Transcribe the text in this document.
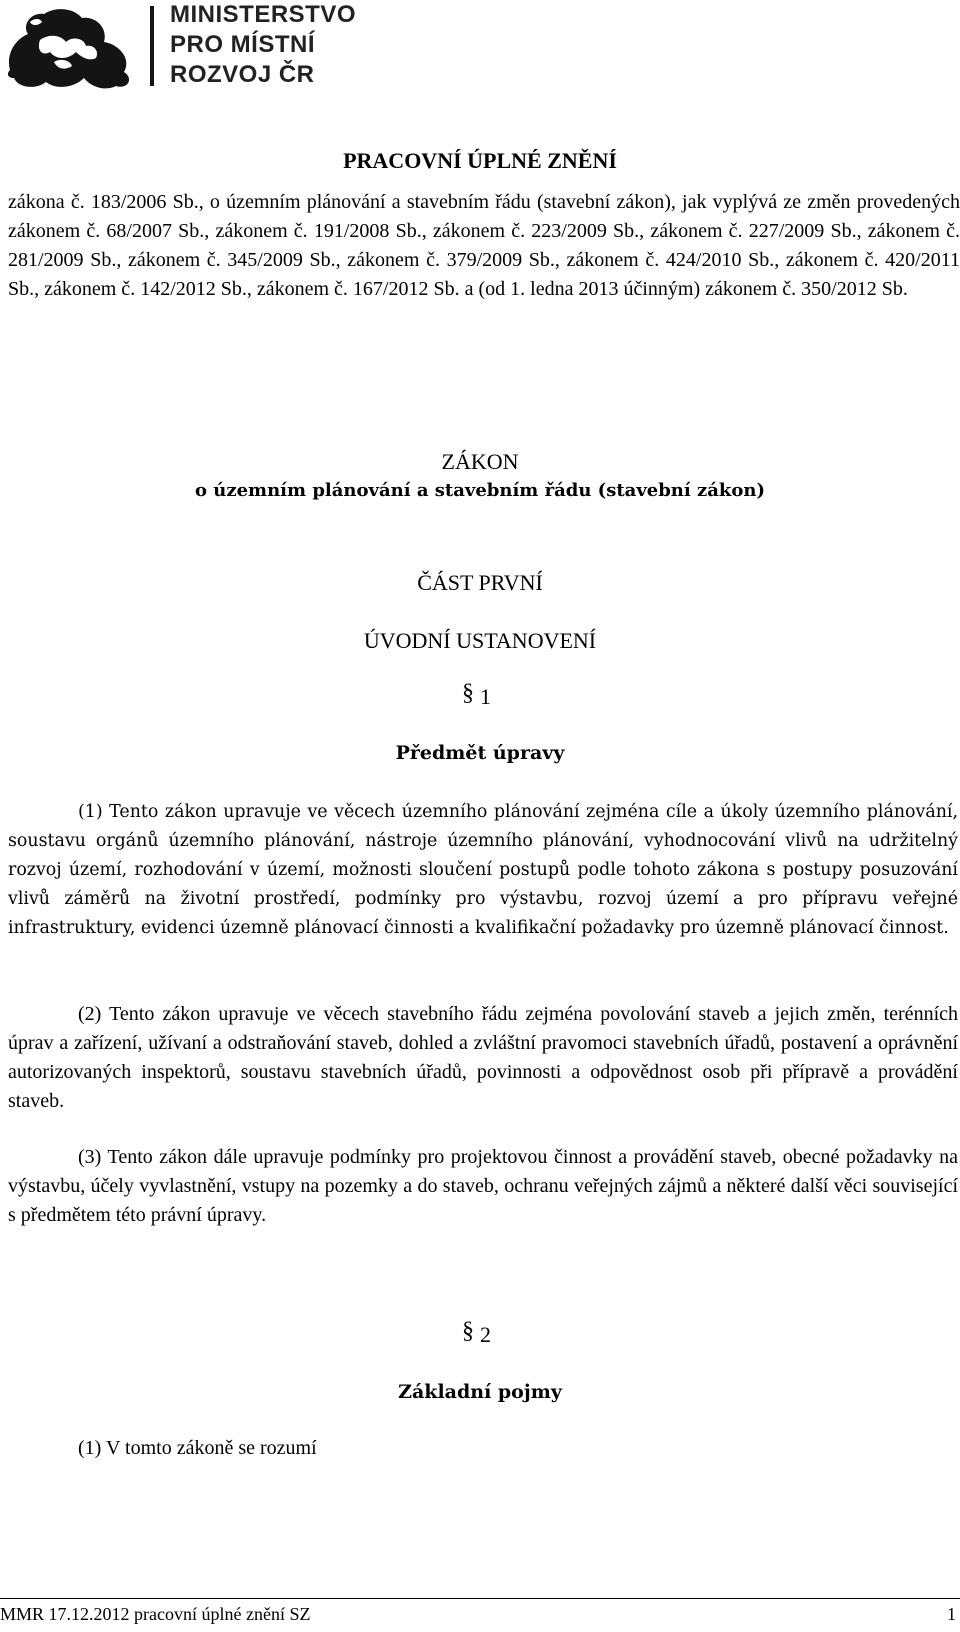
MINISTERSTVO
PRO MÍSTNÍ
ROZVOJ ČR
PRACOVNÍ ÚPLNÉ ZNĚNÍ

zákona č. 183/2006 Sb., o územním plánování a stavebním řádu (stavební zákon), jak vyplývá ze změn provedených zákonem č. 68/2007 Sb., zákonem č. 191/2008 Sb., zákonem č. 223/2009 Sb., zákonem č. 227/2009 Sb., zákonem č. 281/2009 Sb., zákonem č. 345/2009 Sb., zákonem č. 379/2009 Sb., zákonem č. 424/2010 Sb., zákonem č. 420/2011 Sb., zákonem č. 142/2012 Sb., zákonem č. 167/2012 Sb. a (od 1. ledna 2013 účinným) zákonem č. 350/2012 Sb.

ZÁKON
o územním plánování a stavebním řádu (stavební zákon)
ČÁST PRVNÍ
ÚVODNÍ USTANOVENÍ
§ 1
Předmět úpravy

(1) Tento zákon upravuje ve věcech územního plánování zejména cíle a úkoly územního plánování, soustavu orgánů územního plánování, nástroje územního plánování, vyhodnocování vlivů na udržitelný rozvoj území, rozhodování v území, možnosti sloučení postupů podle tohoto zákona s postupy posuzování vlivů záměrů na životní prostředí, podmínky pro výstavbu, rozvoj území a pro přípravu veřejné infrastruktury, evidenci územně plánovací činnosti a kvalifikační požadavky pro územně plánovací činnost.

(2) Tento zákon upravuje ve věcech stavebního řádu zejména povolování staveb a jejich změn, terénních úprav a zařízení, užívaní a odstraňování staveb, dohled a zvláštní pravomoci stavebních úřadů, postavení a oprávnění autorizovaných inspektorů, soustavu stavebních úřadů, povinnosti a odpovědnost osob při přípravě a provádění staveb.

(3) Tento zákon dále upravuje podmínky pro projektovou činnost a provádění staveb, obecné požadavky na výstavbu, účely vyvlastnění, vstupy na pozemky a do staveb, ochranu veřejných zájmů a některé další věci související s předmětem této právní úpravy.

§ 2
Základní pojmy
(1) V tomto zákoně se rozumí
MMR 17.12.2012 pracovní úplné znění SZ	1
